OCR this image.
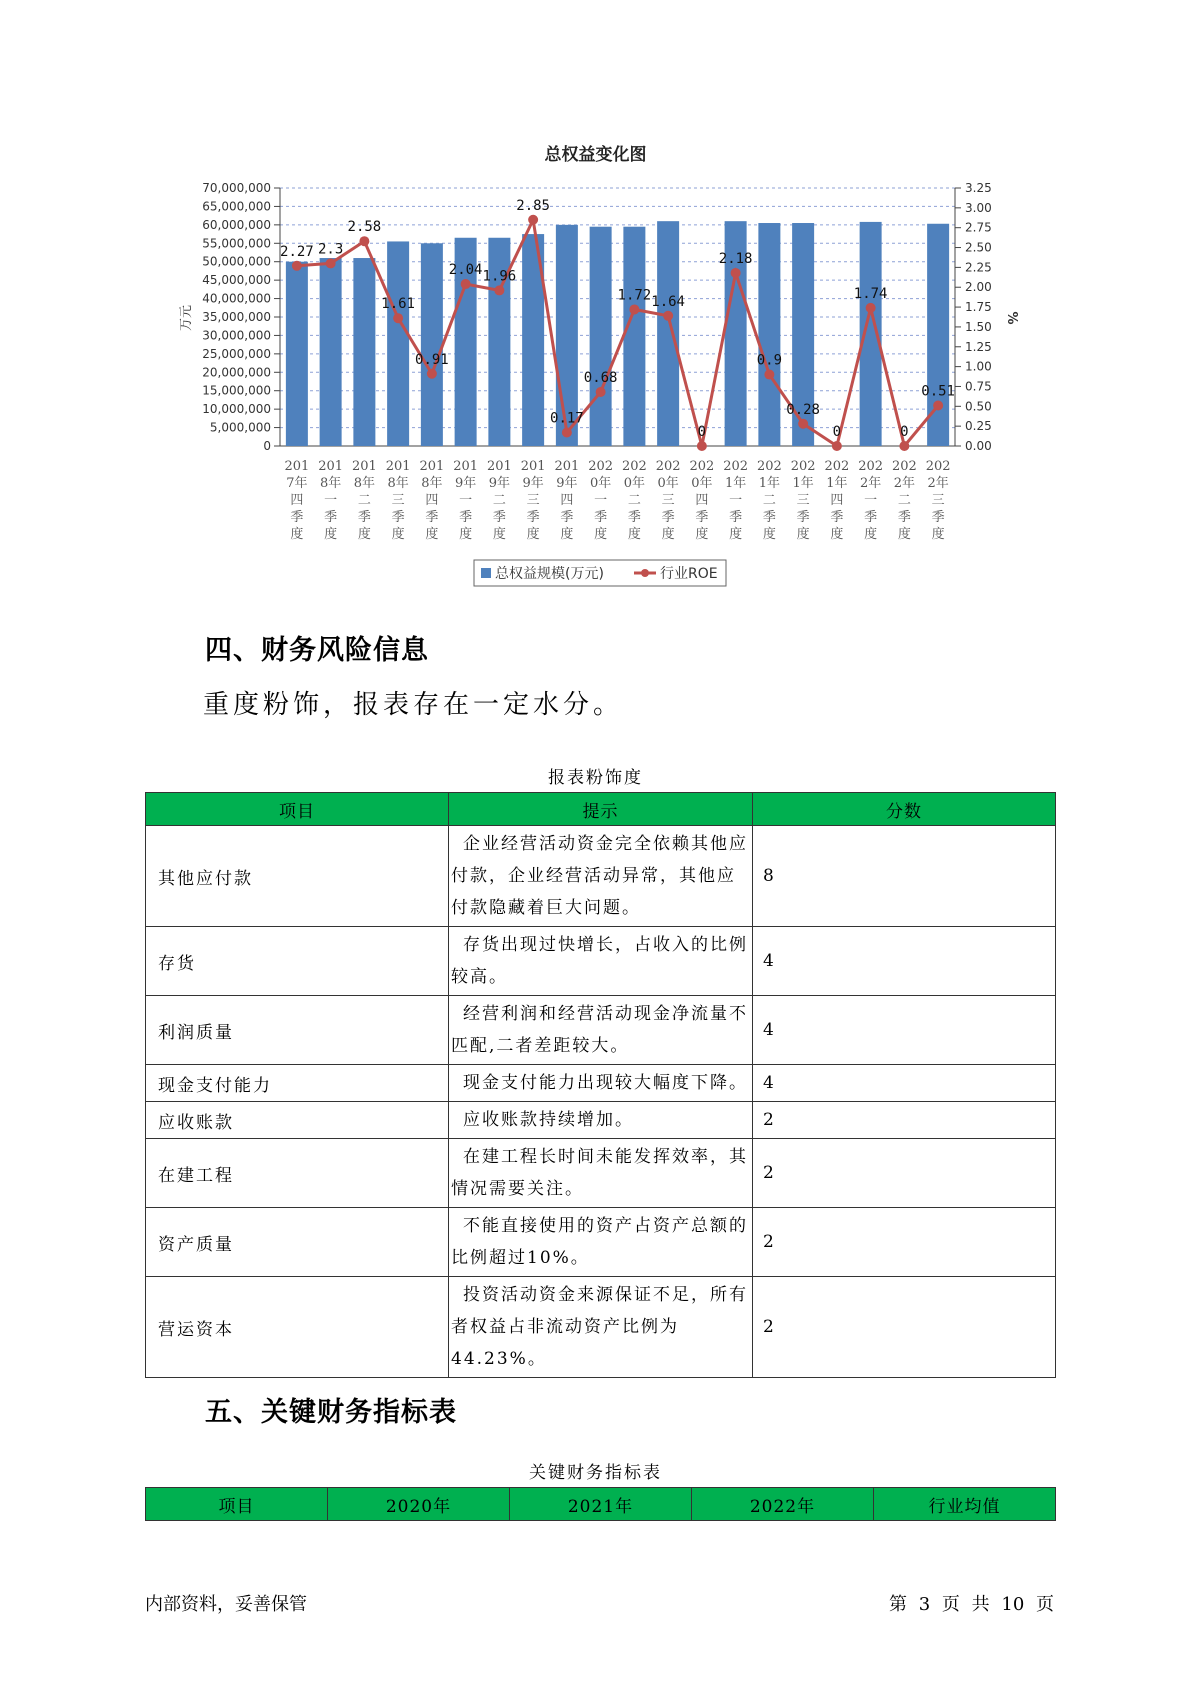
总权益变化图
70,000,000
65,000,000
60,000,000
55,000,000
50,000,000
45,000,000
40,000,000
35,000,000
30,000,000
25,000,000
20,000,000
15,000,000
10,000,000
5,000,000
0
3.25
3.00
2.75
2.50
2.25
2.00
1.75
1.50
1.25
1.00
0.75
0.50
0.25
0.00
万元	%
201
7年
四
季
度
201
8年
一
季
度
201
8年
二
季
度
201
8年
三
季
度
201
8年
四
季
度
201
9年
一
季
度
201
9年
二
季
度
201
9年
三
季
度
201
9年
四
季
度
202
0年
一
季
度
202
0年
二
季
度
202
0年
三
季
度
202
0年
四
季
度
202
1年
一
季
度
202
1年
二
季
度
202
1年
三
季
度
202
1年
四
季
度
202
2年
一
季
度
202
2年
二
季
度
202
2年
三
季
度
2.27 2.3
2.58
1.61
0.91
2.04 1.96
2.85
0.17
0.68
1.72 1.64
0
2.18
0.9
0.28
0
1.74
0
0.51
总权益规模(万元)	行业ROE
四、财务风险信息
重度粉饰，报表存在一定水分。
报表粉饰度
项目	提示	分数
其他应付款	企业经营活动资金完全依赖其他应付款，企业经营活动异常，其他应付款隐藏着巨大问题。	8
存货	存货出现过快增长，占收入的比例较高。	4
利润质量	经营利润和经营活动现金净流量不匹配,二者差距较大。	4
现金支付能力	现金支付能力出现较大幅度下降。	4
应收账款	应收账款持续增加。	2
在建工程	在建工程长时间未能发挥效率，其情况需要关注。	2
资产质量	不能直接使用的资产占资产总额的比例超过10%。	2
营运资本	投资活动资金来源保证不足，所有者权益占非流动资产比例为44.23%。	2
五、关键财务指标表
关键财务指标表
项目	2020年	2021年	2022年	行业均值
内部资料，妥善保管	第 3 页 共 10 页
